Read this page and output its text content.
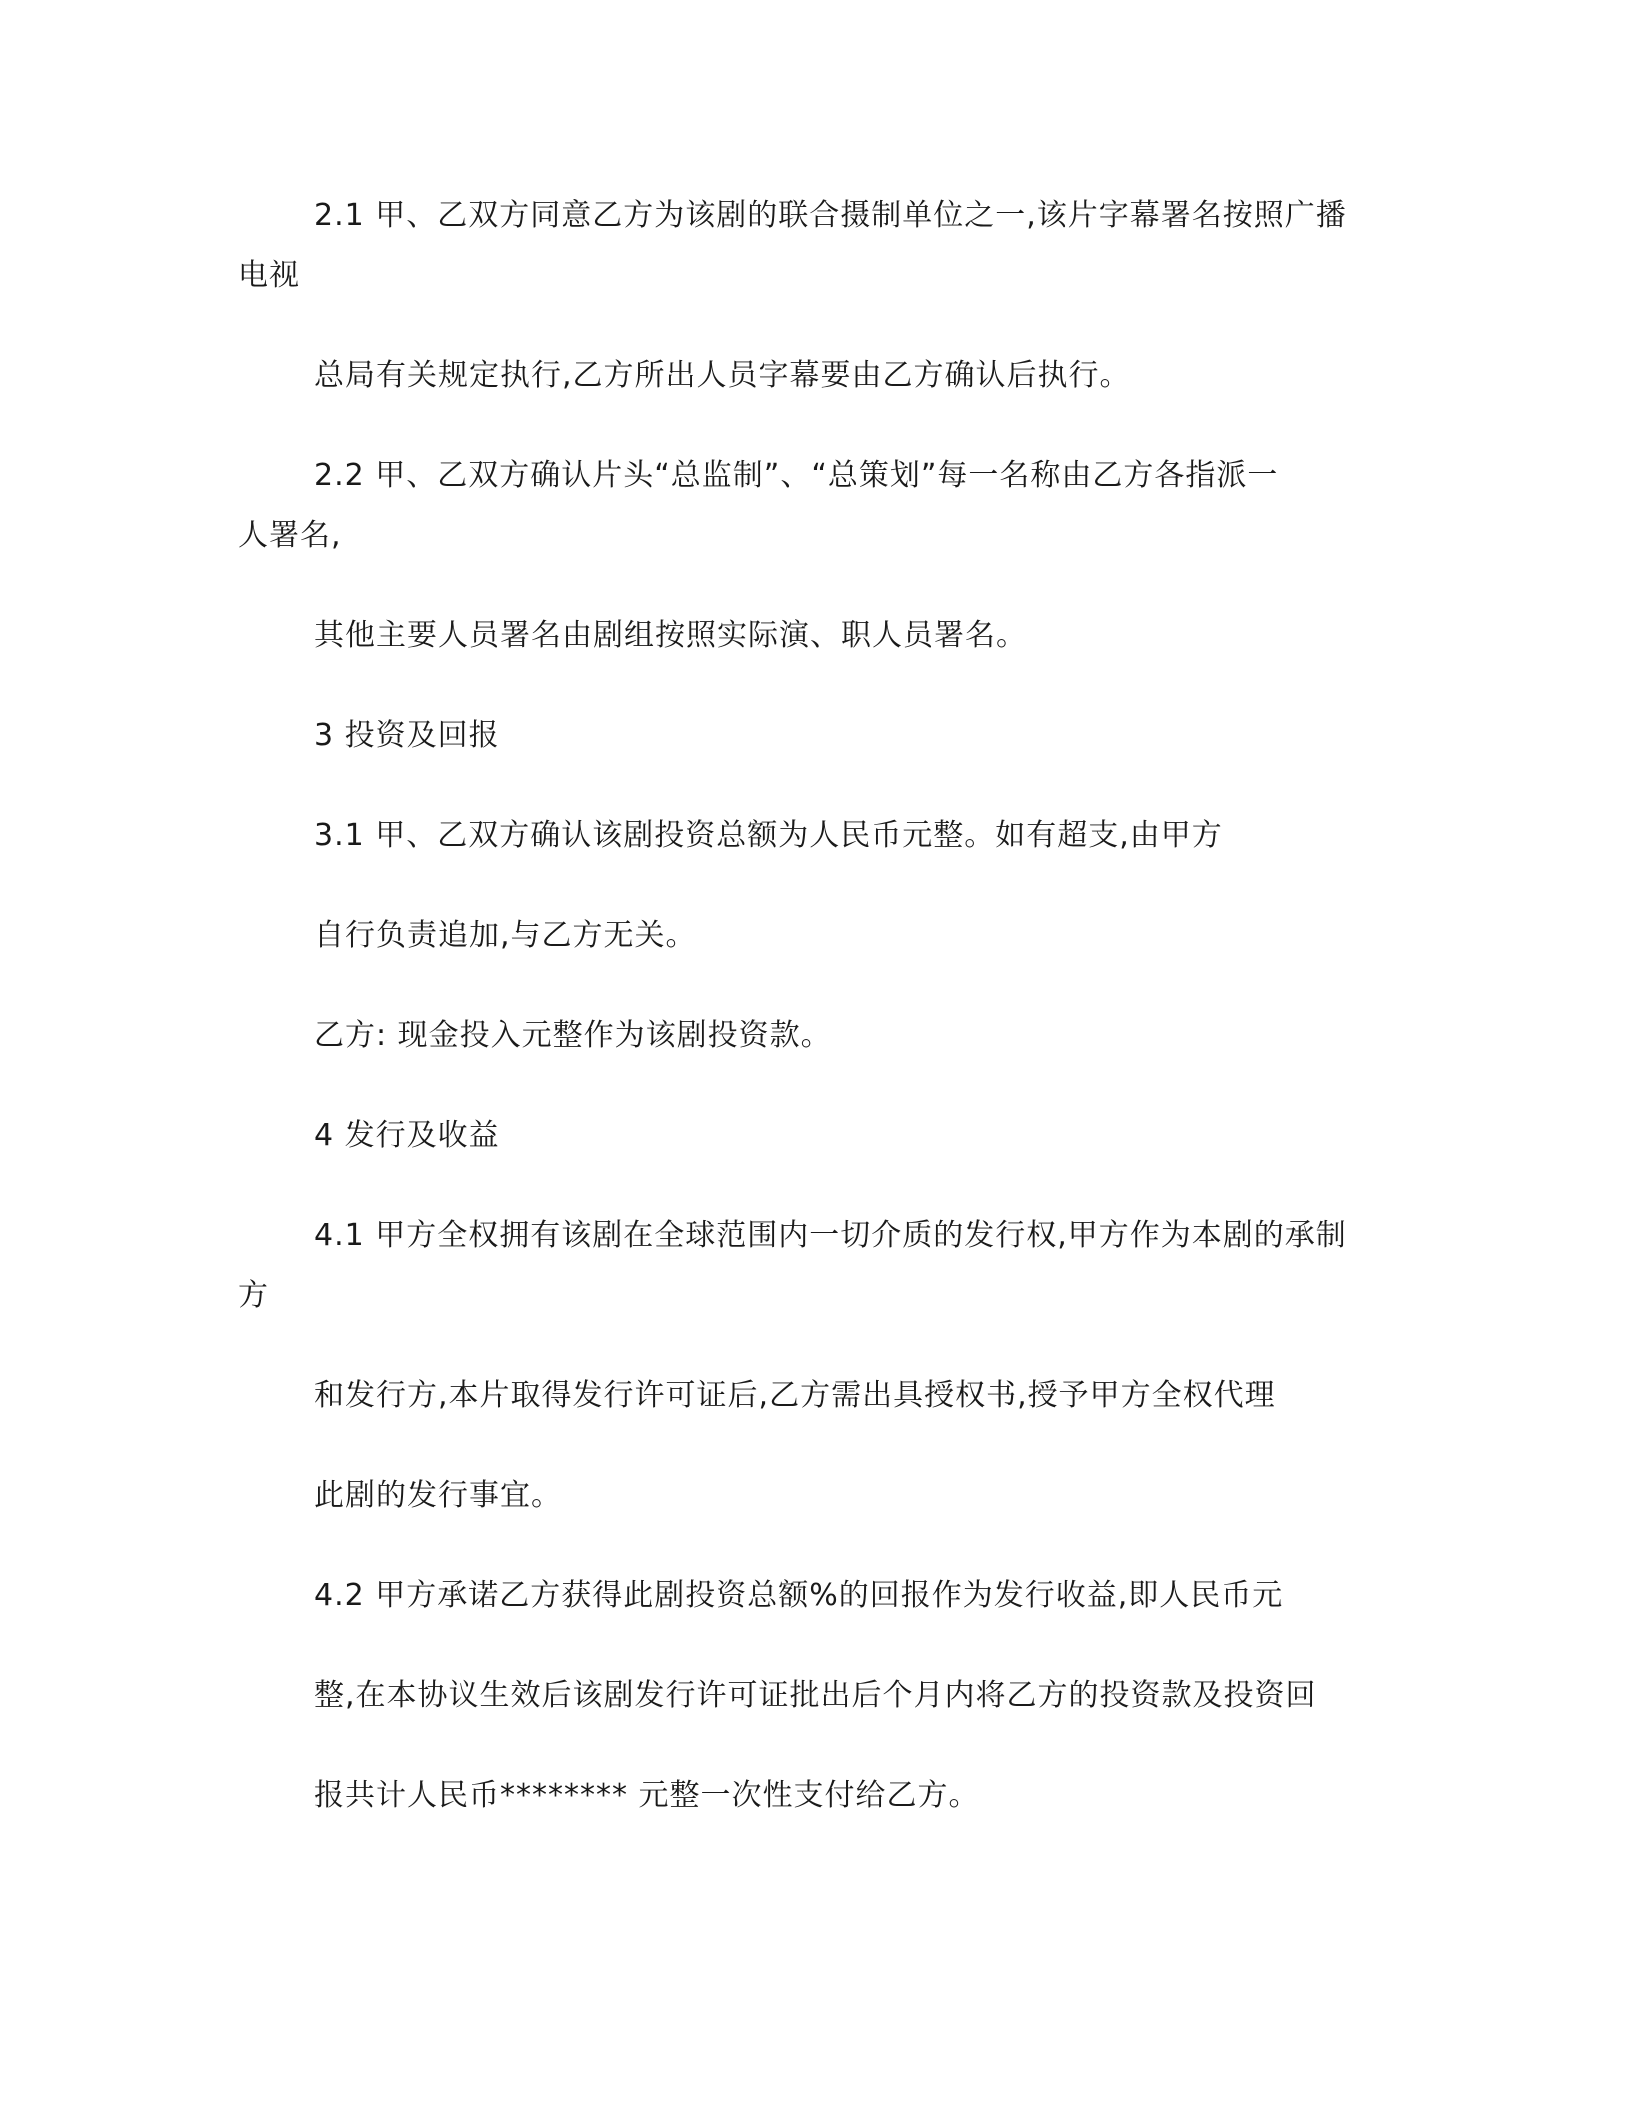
2.1 甲、乙双方同意乙方为该剧的联合摄制单位之一,该片字幕署名按照广播
电视
总局有关规定执行,乙方所出人员字幕要由乙方确认后执行。
2.2 甲、乙双方确认片头“总监制”、“总策划”每一名称由乙方各指派一
人署名,
其他主要人员署名由剧组按照实际演、职人员署名。
3 投资及回报
3.1 甲、乙双方确认该剧投资总额为人民币元整。如有超支,由甲方
自行负责追加,与乙方无关。
乙方: 现金投入元整作为该剧投资款。
4 发行及收益
4.1 甲方全权拥有该剧在全球范围内一切介质的发行权,甲方作为本剧的承制
方
和发行方,本片取得发行许可证后,乙方需出具授权书,授予甲方全权代理
此剧的发行事宜。
4.2 甲方承诺乙方获得此剧投资总额%的回报作为发行收益,即人民币元
整,在本协议生效后该剧发行许可证批出后个月内将乙方的投资款及投资回
报共计人民币******** 元整一次性支付给乙方。
